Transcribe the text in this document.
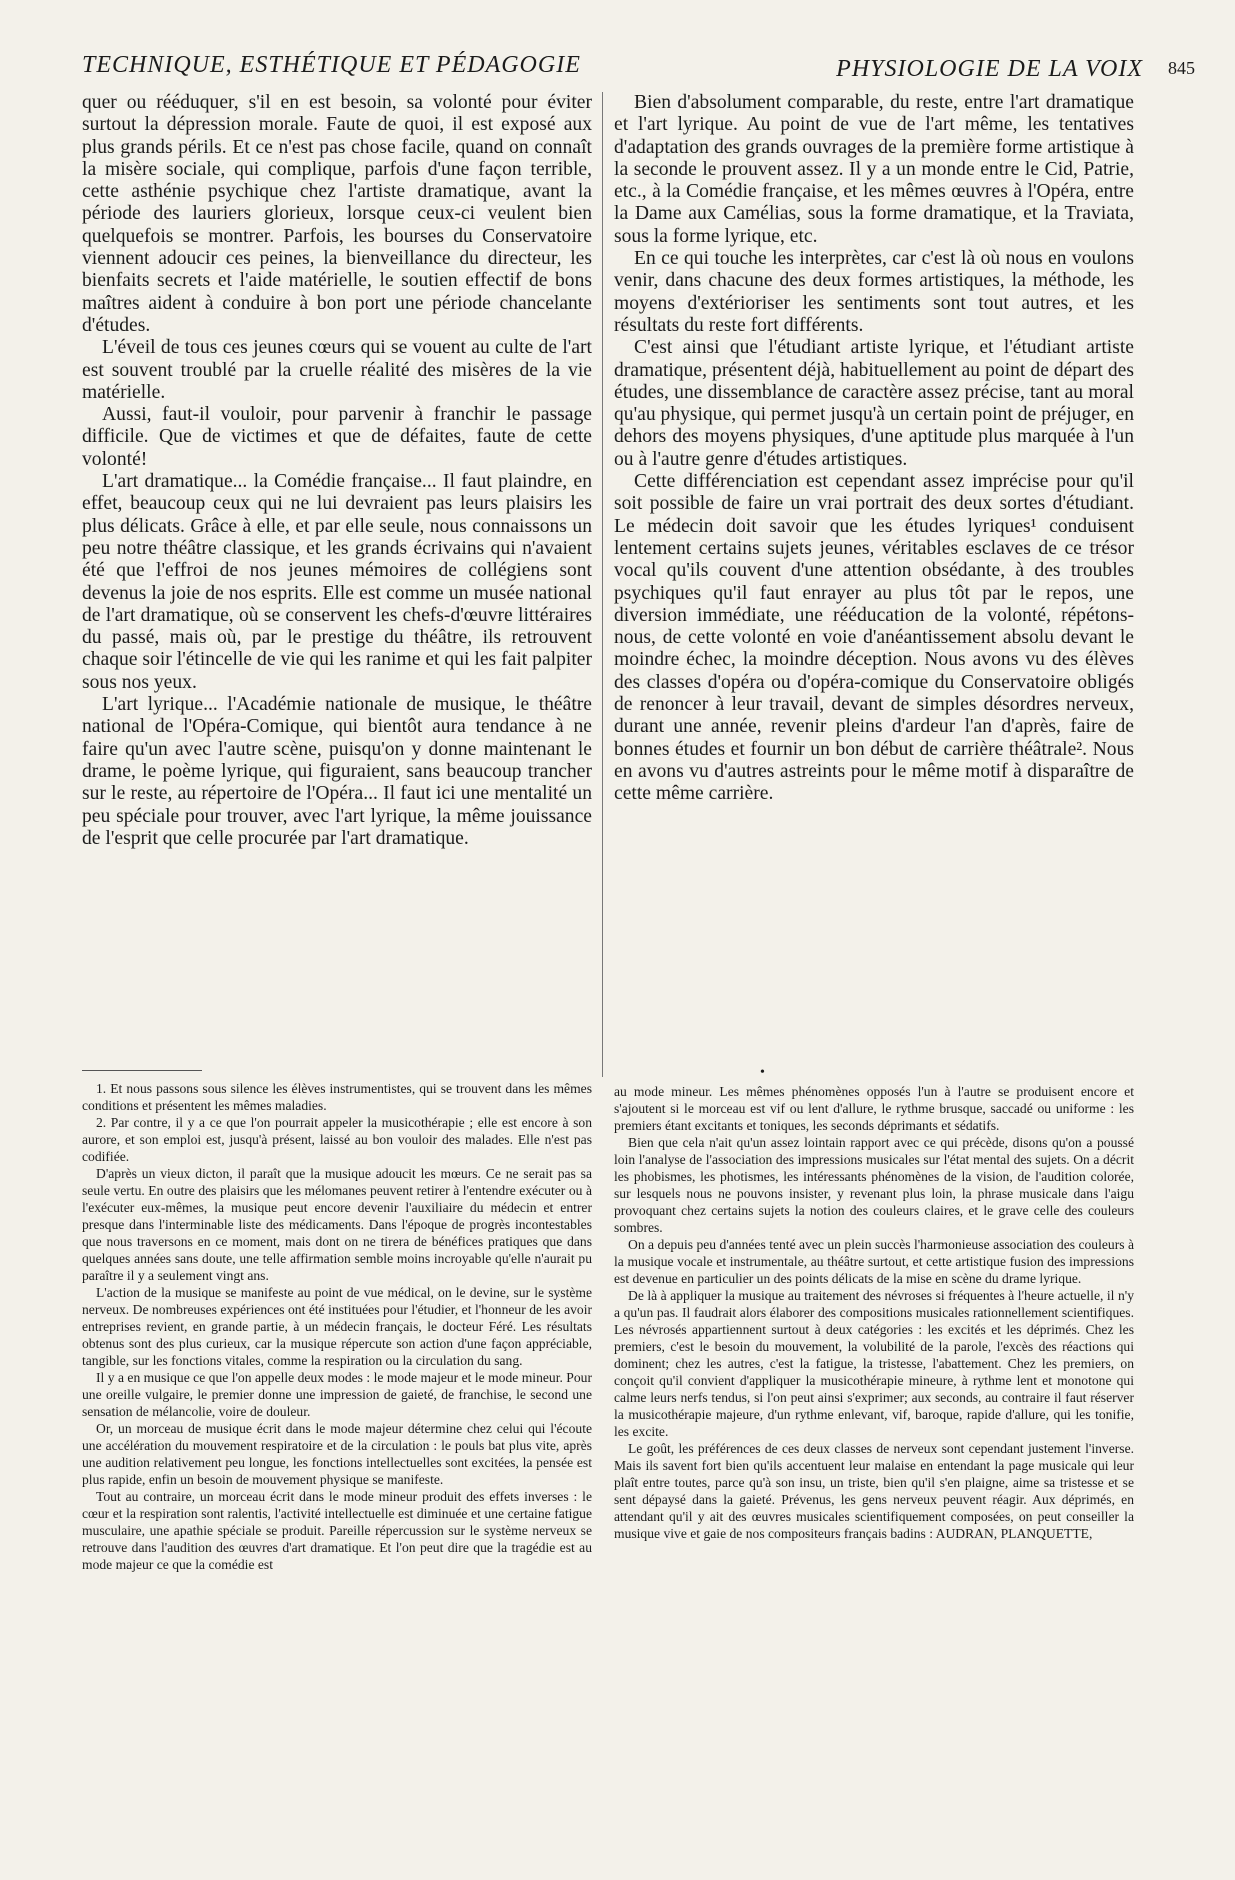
TECHNIQUE, ESTHÉTIQUE ET PÉDAGOGIE	PHYSIOLOGIE DE LA VOIX 845

quer ou rééduquer, s'il en est besoin, sa volonté pour éviter surtout la dépression morale. Faute de quoi, il est exposé aux plus grands périls. Et ce n'est pas chose facile, quand on connaît la misère sociale, qui complique, parfois d'une façon terrible, cette asthénie psychique chez l'artiste dramatique, avant la période des lauriers glorieux, lorsque ceux-ci veulent bien quelquefois se montrer. Parfois, les bourses du Conservatoire viennent adoucir ces peines, la bienveillance du directeur, les bienfaits secrets et l'aide matérielle, le soutien effectif de bons maîtres aident à conduire à bon port une période chancelante d'études.

L'éveil de tous ces jeunes cœurs qui se vouent au culte de l'art est souvent troublé par la cruelle réalité des misères de la vie matérielle.

Aussi, faut-il vouloir, pour parvenir à franchir le passage difficile. Que de victimes et que de défaites, faute de cette volonté!

L'art dramatique... la Comédie française... Il faut plaindre, en effet, beaucoup ceux qui ne lui devraient pas leurs plaisirs les plus délicats. Grâce à elle, et par elle seule, nous connaissons un peu notre théâtre classique, et les grands écrivains qui n'avaient été que l'effroi de nos jeunes mémoires de collégiens sont devenus la joie de nos esprits. Elle est comme un musée national de l'art dramatique, où se conservent les chefs-d'œuvre littéraires du passé, mais où, par le prestige du théâtre, ils retrouvent chaque soir l'étincelle de vie qui les ranime et qui les fait palpiter sous nos yeux.

L'art lyrique... l'Académie nationale de musique, le théâtre national de l'Opéra-Comique, qui bientôt aura tendance à ne faire qu'un avec l'autre scène, puisqu'on y donne maintenant le drame, le poème lyrique, qui figuraient, sans beaucoup trancher sur le reste, au répertoire de l'Opéra... Il faut ici une mentalité un peu spéciale pour trouver, avec l'art lyrique, la même jouissance de l'esprit que celle procurée par l'art dramatique.

Bien d'absolument comparable, du reste, entre l'art dramatique et l'art lyrique. Au point de vue de l'art même, les tentatives d'adaptation des grands ouvrages de la première forme artistique à la seconde le prouvent assez. Il y a un monde entre le Cid, Patrie, etc., à la Comédie française, et les mêmes œuvres à l'Opéra, entre la Dame aux Camélias, sous la forme dramatique, et la Traviata, sous la forme lyrique, etc.

En ce qui touche les interprètes, car c'est là où nous en voulons venir, dans chacune des deux formes artistiques, la méthode, les moyens d'extérioriser les sentiments sont tout autres, et les résultats du reste fort différents.

C'est ainsi que l'étudiant artiste lyrique, et l'étudiant artiste dramatique, présentent déjà, habituellement au point de départ des études, une dissemblance de caractère assez précise, tant au moral qu'au physique, qui permet jusqu'à un certain point de préjuger, en dehors des moyens physiques, d'une aptitude plus marquée à l'un ou à l'autre genre d'études artistiques.

Cette différenciation est cependant assez imprécise pour qu'il soit possible de faire un vrai portrait des deux sortes d'étudiant. Le médecin doit savoir que les études lyriques¹ conduisent lentement certains sujets jeunes, véritables esclaves de ce trésor vocal qu'ils couvent d'une attention obsédante, à des troubles psychiques qu'il faut enrayer au plus tôt par le repos, une diversion immédiate, une rééducation de la volonté, répétons-nous, de cette volonté en voie d'anéantissement absolu devant le moindre échec, la moindre déception. Nous avons vu des élèves des classes d'opéra ou d'opéra-comique du Conservatoire obligés de renoncer à leur travail, devant de simples désordres nerveux, durant une année, revenir pleins d'ardeur l'an d'après, faire de bonnes études et fournir un bon début de carrière théâtrale². Nous en avons vu d'autres astreints pour le même motif à disparaître de cette même carrière.

•

1. Et nous passons sous silence les élèves instrumentistes, qui se trouvent dans les mêmes conditions et présentent les mêmes maladies.

2. Par contre, il y a ce que l'on pourrait appeler la musicothérapie ; elle est encore à son aurore, et son emploi est, jusqu'à présent, laissé au bon vouloir des malades. Elle n'est pas codifiée.

D'après un vieux dicton, il paraît que la musique adoucit les mœurs. Ce ne serait pas sa seule vertu. En outre des plaisirs que les mélomanes peuvent retirer à l'entendre exécuter ou à l'exécuter eux-mêmes, la musique peut encore devenir l'auxiliaire du médecin et entrer presque dans l'interminable liste des médicaments. Dans l'époque de progrès incontestables que nous traversons en ce moment, mais dont on ne tirera de bénéfices pratiques que dans quelques années sans doute, une telle affirmation semble moins incroyable qu'elle n'aurait pu paraître il y a seulement vingt ans.

L'action de la musique se manifeste au point de vue médical, on le devine, sur le système nerveux. De nombreuses expériences ont été instituées pour l'étudier, et l'honneur de les avoir entreprises revient, en grande partie, à un médecin français, le docteur Féré. Les résultats obtenus sont des plus curieux, car la musique répercute son action d'une façon appréciable, tangible, sur les fonctions vitales, comme la respiration ou la circulation du sang.

Il y a en musique ce que l'on appelle deux modes : le mode majeur et le mode mineur. Pour une oreille vulgaire, le premier donne une impression de gaieté, de franchise, le second une sensation de mélancolie, voire de douleur.

Or, un morceau de musique écrit dans le mode majeur détermine chez celui qui l'écoute une accélération du mouvement respiratoire et de la circulation : le pouls bat plus vite, après une audition relativement peu longue, les fonctions intellectuelles sont excitées, la pensée est plus rapide, enfin un besoin de mouvement physique se manifeste.

Tout au contraire, un morceau écrit dans le mode mineur produit des effets inverses : le cœur et la respiration sont ralentis, l'activité intellectuelle est diminuée et une certaine fatigue musculaire, une apathie spéciale se produit. Pareille répercussion sur le système nerveux se retrouve dans l'audition des œuvres d'art dramatique. Et l'on peut dire que la tragédie est au mode majeur ce que la comédie est

au mode mineur. Les mêmes phénomènes opposés l'un à l'autre se produisent encore et s'ajoutent si le morceau est vif ou lent d'allure, le rythme brusque, saccadé ou uniforme : les premiers étant excitants et toniques, les seconds déprimants et sédatifs.

Bien que cela n'ait qu'un assez lointain rapport avec ce qui précède, disons qu'on a poussé loin l'analyse de l'association des impressions musicales sur l'état mental des sujets. On a décrit les phobismes, les photismes, les intéressants phénomènes de la vision, de l'audition colorée, sur lesquels nous ne pouvons insister, y revenant plus loin, la phrase musicale dans l'aigu provoquant chez certains sujets la notion des couleurs claires, et le grave celle des couleurs sombres.

On a depuis peu d'années tenté avec un plein succès l'harmonieuse association des couleurs à la musique vocale et instrumentale, au théâtre surtout, et cette artistique fusion des impressions est devenue en particulier un des points délicats de la mise en scène du drame lyrique.

De là à appliquer la musique au traitement des névroses si fréquentes à l'heure actuelle, il n'y a qu'un pas. Il faudrait alors élaborer des compositions musicales rationnellement scientifiques. Les névrosés appartiennent surtout à deux catégories : les excités et les déprimés. Chez les premiers, c'est le besoin du mouvement, la volubilité de la parole, l'excès des réactions qui dominent; chez les autres, c'est la fatigue, la tristesse, l'abattement. Chez les premiers, on conçoit qu'il convient d'appliquer la musicothérapie mineure, à rythme lent et monotone qui calme leurs nerfs tendus, si l'on peut ainsi s'exprimer; aux seconds, au contraire il faut réserver la musicothérapie majeure, d'un rythme enlevant, vif, baroque, rapide d'allure, qui les tonifie, les excite.

Le goût, les préférences de ces deux classes de nerveux sont cependant justement l'inverse. Mais ils savent fort bien qu'ils accentuent leur malaise en entendant la page musicale qui leur plaît entre toutes, parce qu'à son insu, un triste, bien qu'il s'en plaigne, aime sa tristesse et se sent dépaysé dans la gaieté. Prévenus, les gens nerveux peuvent réagir. Aux déprimés, en attendant qu'il y ait des œuvres musicales scientifiquement composées, on peut conseiller la musique vive et gaie de nos compositeurs français badins : AUDRAN, PLANQUETTE,
